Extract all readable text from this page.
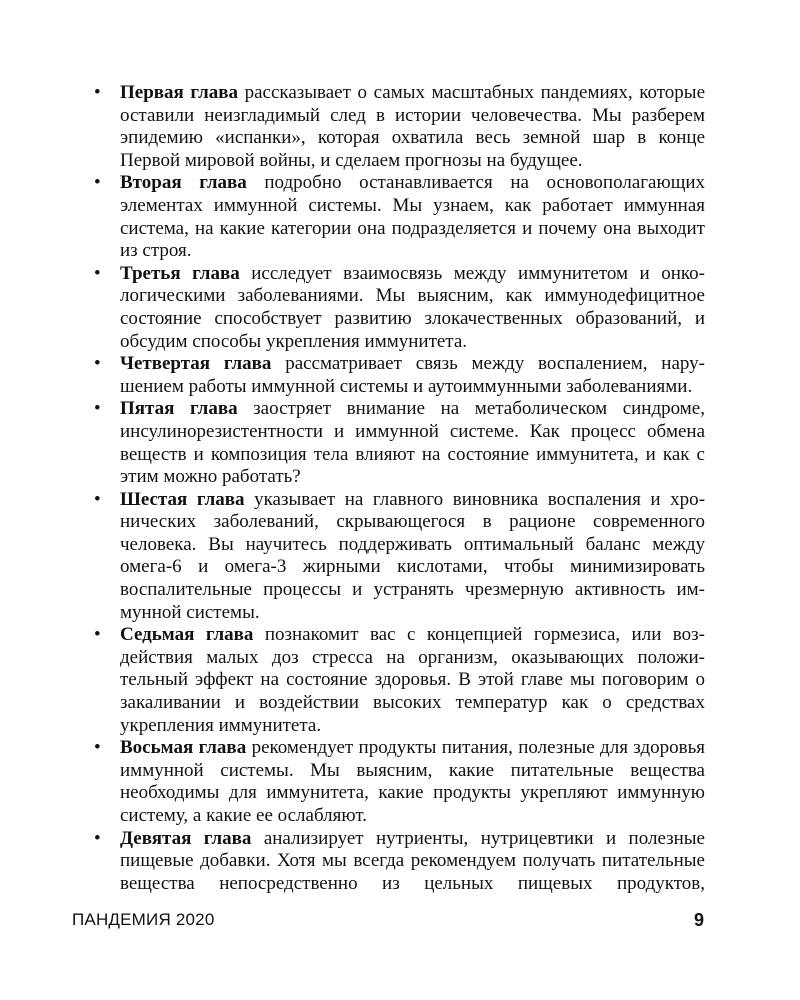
• Первая глава рассказывает о самых масштабных пандемиях, которые оставили неизгладимый след в истории человечества. Мы разберем эпидемию «испанки», которая охватила весь земной шар в конце Первой мировой войны, и сделаем прогнозы на будущее.
• Вторая глава подробно останавливается на основополагающих элементах иммунной системы. Мы узнаем, как работает иммунная система, на какие категории она подразделяется и почему она выходит из строя.
• Третья глава исследует взаимосвязь между иммунитетом и онкологическими заболеваниями. Мы выясним, как иммунодефицитное состояние способствует развитию злокачественных образований, и обсудим способы укрепления иммунитета.
• Четвертая глава рассматривает связь между воспалением, нарушением работы иммунной системы и аутоиммунными заболеваниями.
• Пятая глава заостряет внимание на метаболическом синдроме, инсулинорезистентности и иммунной системе. Как процесс обмена веществ и композиция тела влияют на состояние иммунитета, и как с этим можно работать?
• Шестая глава указывает на главного виновника воспаления и хронических заболеваний, скрывающегося в рационе современного человека. Вы научитесь поддерживать оптимальный баланс между омега-6 и омега-3 жирными кислотами, чтобы минимизировать воспалительные процессы и устранять чрезмерную активность иммунной системы.
• Седьмая глава познакомит вас с концепцией гормезиса, или воздействия малых доз стресса на организм, оказывающих положительный эффект на состояние здоровья. В этой главе мы поговорим о закаливании и воздействии высоких температур как о средствах укрепления иммунитета.
• Восьмая глава рекомендует продукты питания, полезные для здоровья иммунной системы. Мы выясним, какие питательные вещества необходимы для иммунитета, какие продукты укрепляют иммунную систему, а какие ее ослабляют.
• Девятая глава анализирует нутриенты, нутрицевтики и полезные пищевые добавки. Хотя мы всегда рекомендуем получать питательные вещества непосредственно из цельных пищевых продуктов,

ПАНДЕМИЯ 2020	9
